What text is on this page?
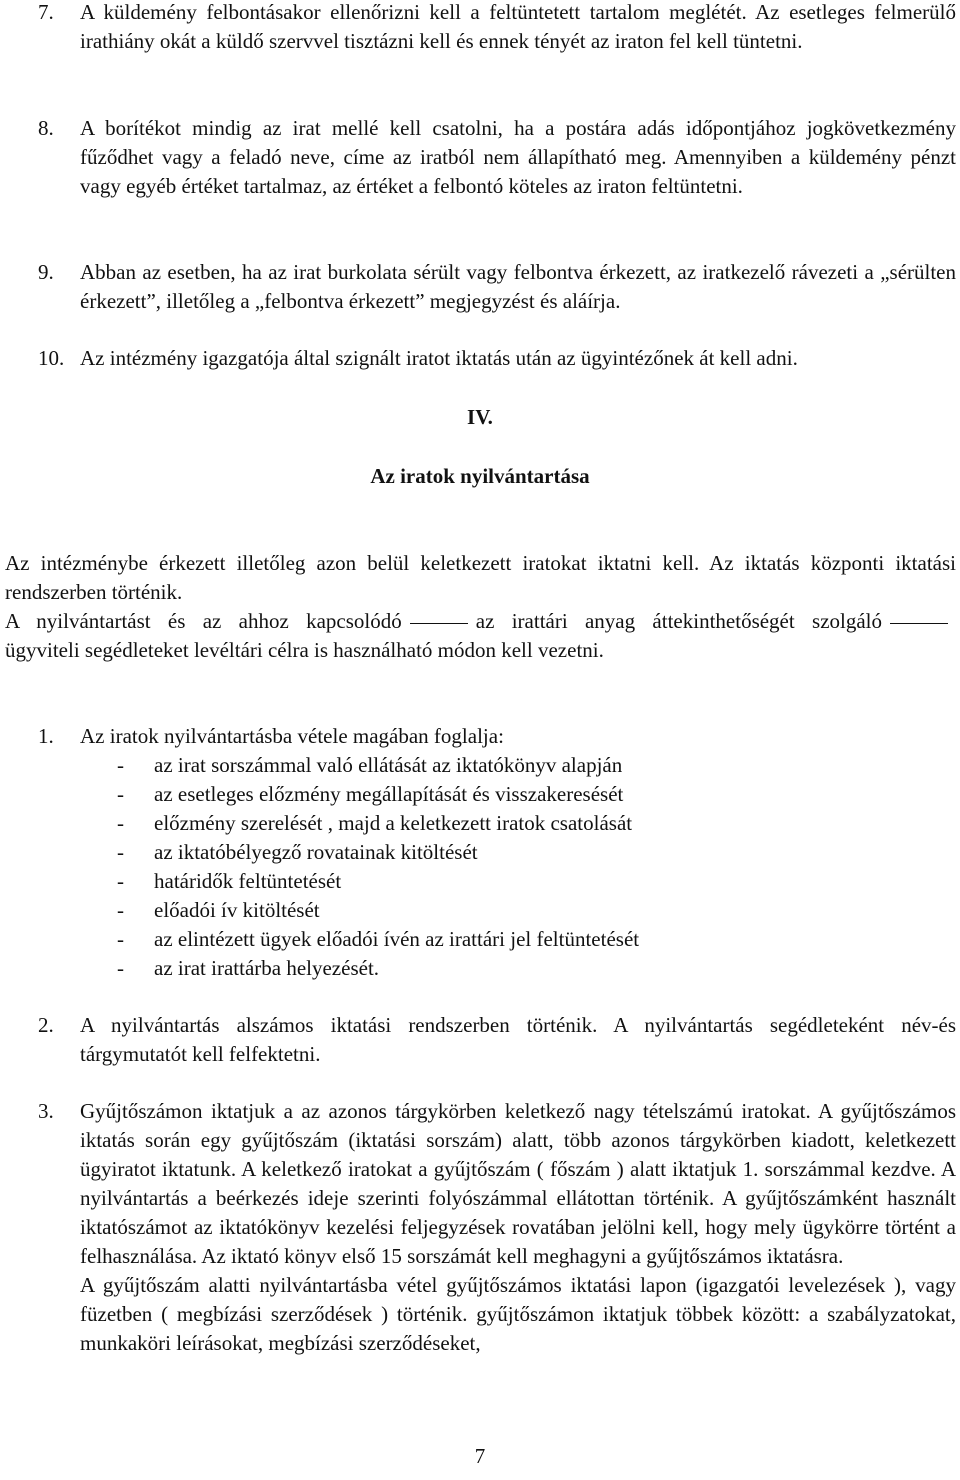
7.	A küldemény felbontásakor ellenőrizni kell a feltüntetett tartalom meglétét. Az esetleges felmerülő irathiány okát a küldő szervvel tisztázni kell és ennek tényét az iraton fel kell tüntetni.
8.	A borítékot mindig az irat mellé kell csatolni, ha a postára adás időpontjához jogkövetkezmény fűződhet vagy a feladó neve, címe az iratból nem állapítható meg. Amennyiben a küldemény pénzt vagy egyéb értéket tartalmaz, az értéket a felbontó köteles az iraton feltüntetni.
9.	Abban az esetben, ha az irat burkolata sérült vagy felbontva érkezett, az iratkezelő rávezeti a „sérülten érkezett”, illetőleg a „felbontva érkezett” megjegyzést és aláírja.
10. Az intézmény igazgatója által szignált iratot iktatás után az ügyintézőnek át kell adni.
IV.
Az iratok nyilvántartása
Az intézménybe érkezett illetőleg azon belül keletkezett iratokat iktatni kell. Az iktatás központi iktatási rendszerben történik.
A nyilvántartást és az ahhoz kapcsolódó	az irattári anyag áttekinthetőségét szolgáló
ügyviteli segédleteket levéltári célra is használható módon kell vezetni.
1.	Az iratok nyilvántartásba vétele magában foglalja:
- az irat sorszámmal való ellátását az iktatókönyv alapján
- az esetleges előzmény megállapítását és visszakeresését
- előzmény szerelését , majd a keletkezett iratok csatolását
- az iktatóbélyegző rovatainak kitöltését
- határidők feltüntetését
- előadói ív kitöltését
- az elintézett ügyek előadói ívén az irattári jel feltüntetését
- az irat irattárba helyezését.
2.	A nyilvántartás alszámos iktatási rendszerben történik. A nyilvántartás segédleteként név-és tárgymutatót kell felfektetni.
3.	Gyűjtőszámon iktatjuk a az azonos tárgykörben keletkező nagy tételszámú iratokat. A gyűjtőszámos iktatás során egy gyűjtőszám (iktatási sorszám) alatt, több azonos tárgykörben kiadott, keletkezett ügyiratot iktatunk. A keletkező iratokat a gyűjtőszám ( főszám ) alatt iktatjuk 1. sorszámmal kezdve. A nyilvántartás a beérkezés ideje szerinti folyószámmal ellátottan történik. A gyűjtőszámként használt iktatószámot az iktatókönyv kezelési feljegyzések rovatában jelölni kell, hogy mely ügykörre történt a felhasználása. Az iktató könyv első 15 sorszámát kell meghagyni a gyűjtőszámos iktatásra.
A gyűjtőszám alatti nyilvántartásba vétel gyűjtőszámos iktatási lapon (igazgatói levelezések ), vagy füzetben ( megbízási szerződések ) történik. gyűjtőszámon iktatjuk többek között: a szabályzatokat, munkaköri leírásokat, megbízási szerződéseket,
7
